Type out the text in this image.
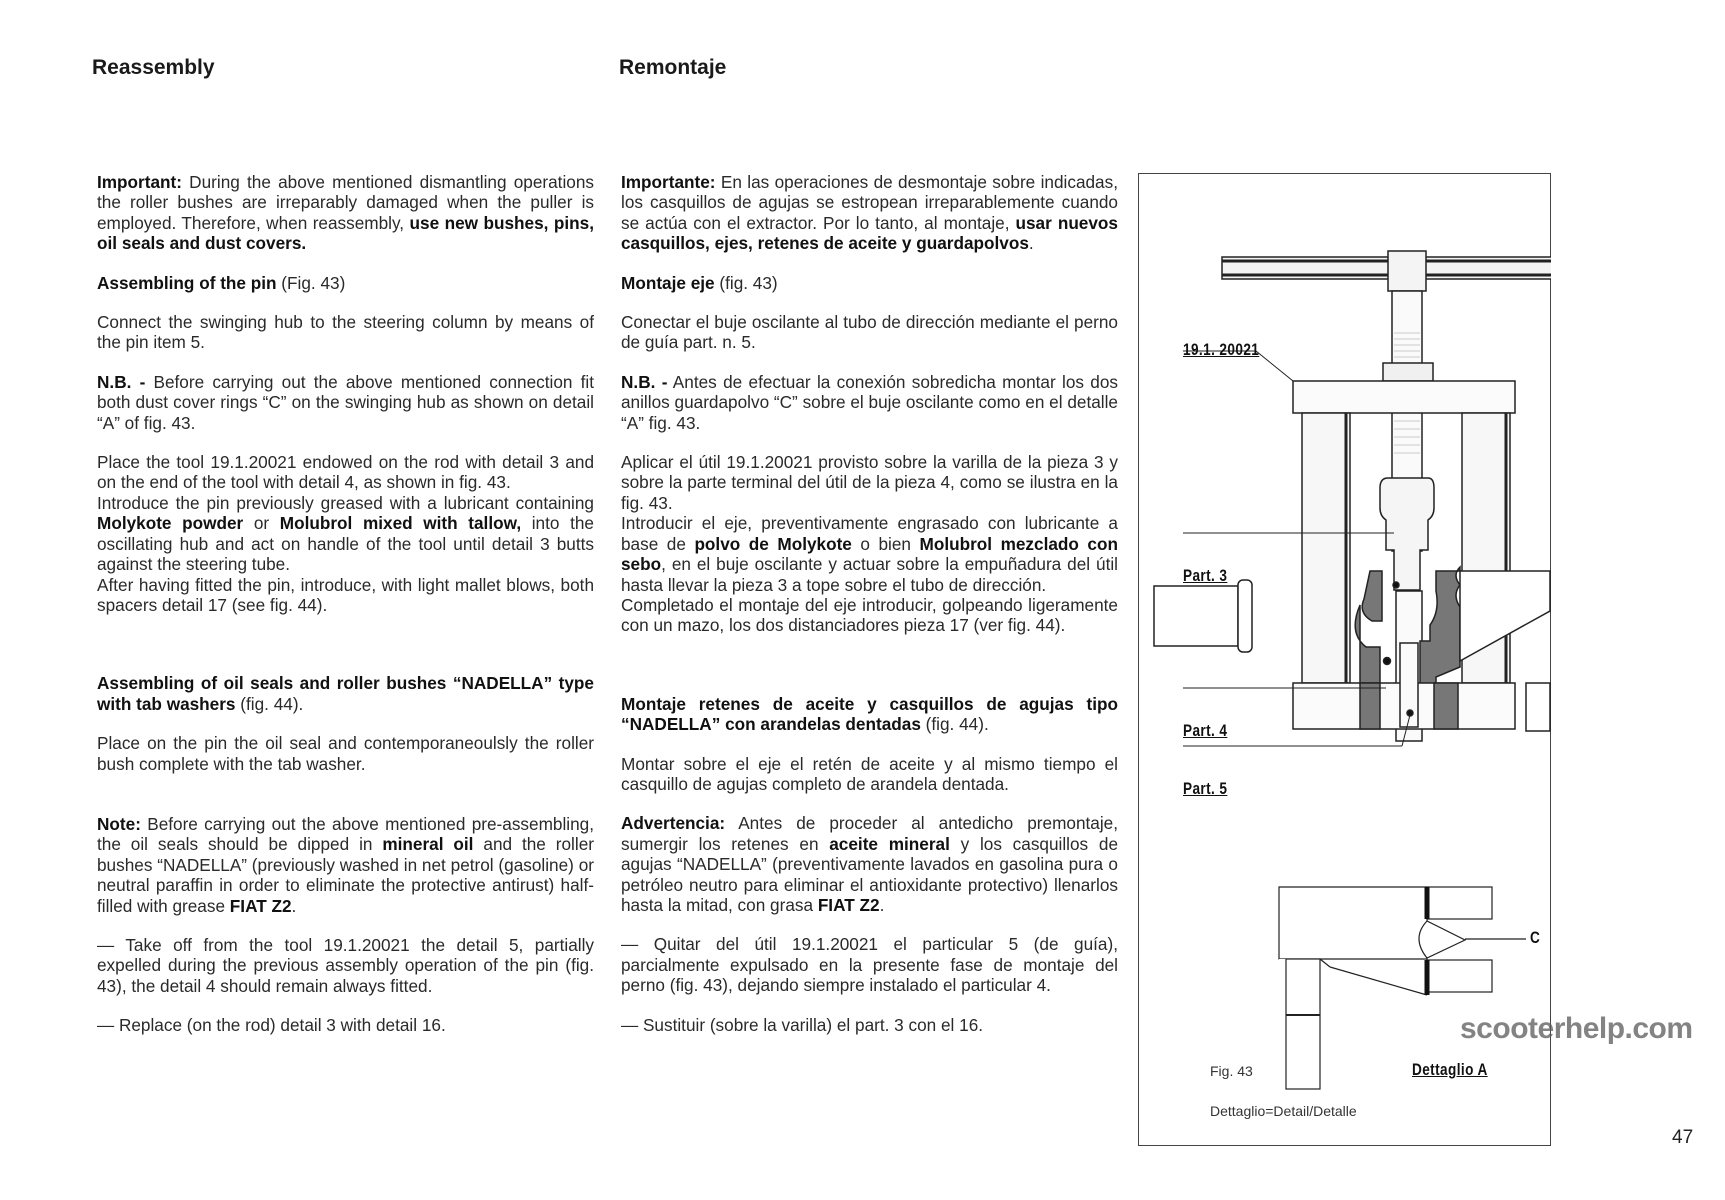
Reassembly	Remontaje

Important: During the above mentioned dismantling operations the roller bushes are irreparably damaged when the puller is employed. Therefore, when reassembly, use new bushes, pins, oil seals and dust covers.

Assembling of the pin (Fig. 43)

Connect the swinging hub to the steering column by means of the pin item 5.

N.B. - Before carrying out the above mentioned connection fit both dust cover rings “C” on the swinging hub as shown on detail “A” of fig. 43.

Place the tool 19.1.20021 endowed on the rod with detail 3 and on the end of the tool with detail 4, as shown in fig. 43.

Introduce the pin previously greased with a lubricant containing Molykote powder or Molubrol mixed with tallow, into the oscillating hub and act on handle of the tool until detail 3 butts against the steering tube.

After having fitted the pin, introduce, with light mallet blows, both spacers detail 17 (see fig. 44).

Assembling of oil seals and roller bushes “NADELLA” type with tab washers (fig. 44).

Place on the pin the oil seal and contemporaneoulsly the roller bush complete with the tab washer.

Note: Before carrying out the above mentioned pre-assembling, the oil seals should be dipped in mineral oil and the roller bushes “NADELLA” (previously washed in net petrol (gasoline) or neutral paraffin in order to eliminate the protective antirust) half-filled with grease FIAT Z2.

— Take off from the tool 19.1.20021 the detail 5, partially expelled during the previous assembly operation of the pin (fig. 43), the detail 4 should remain always fitted.

— Replace (on the rod) detail 3 with detail 16.

Importante: En las operaciones de desmontaje sobre indicadas, los casquillos de agujas se estropean irreparablemente cuando se actúa con el extractor. Por lo tanto, al montaje, usar nuevos casquillos, ejes, retenes de aceite y guardapolvos.

Montaje eje (fig. 43)

Conectar el buje oscilante al tubo de dirección mediante el perno de guía part. n. 5.

N.B. - Antes de efectuar la conexión sobredicha montar los dos anillos guardapolvo “C” sobre el buje oscilante como en el detalle “A” fig. 43.

Aplicar el útil 19.1.20021 provisto sobre la varilla de la pieza 3 y sobre la parte terminal del útil de la pieza 4, como se ilustra en la fig. 43.

Introducir el eje, preventivamente engrasado con lubricante a base de polvo de Molykote o bien Molubrol mezclado con sebo, en el buje oscilante y actuar sobre la empuñadura del útil hasta llevar la pieza 3 a tope sobre el tubo de dirección.

Completado el montaje del eje introducir, golpeando ligeramente con un mazo, los dos distanciadores pieza 17 (ver fig. 44).

Montaje retenes de aceite y casquillos de agujas tipo “NADELLA” con arandelas dentadas (fig. 44).

Montar sobre el eje el retén de aceite y al mismo tiempo el casquillo de agujas completo de arandela dentada.

Advertencia: Antes de proceder al antedicho premontaje, sumergir los retenes en aceite mineral y los casquillos de agujas “NADELLA” (preventivamente lavados en gasolina pura o petróleo neutro para eliminar el antioxidante protectivo) llenarlos hasta la mitad, con grasa FIAT Z2.

— Quitar del útil 19.1.20021 el particular 5 (de guía), parcialmente expulsado en la presente fase de montaje del perno (fig. 43), dejando siempre instalado el particular 4.

— Sustituir (sobre la varilla) el part. 3 con el 16.

19.1. 20021
Part. 3
Part. 4
Part. 5
C
Dettaglio A
Fig. 43
Dettaglio=Detail/Detalle
scooterhelp.com
47
